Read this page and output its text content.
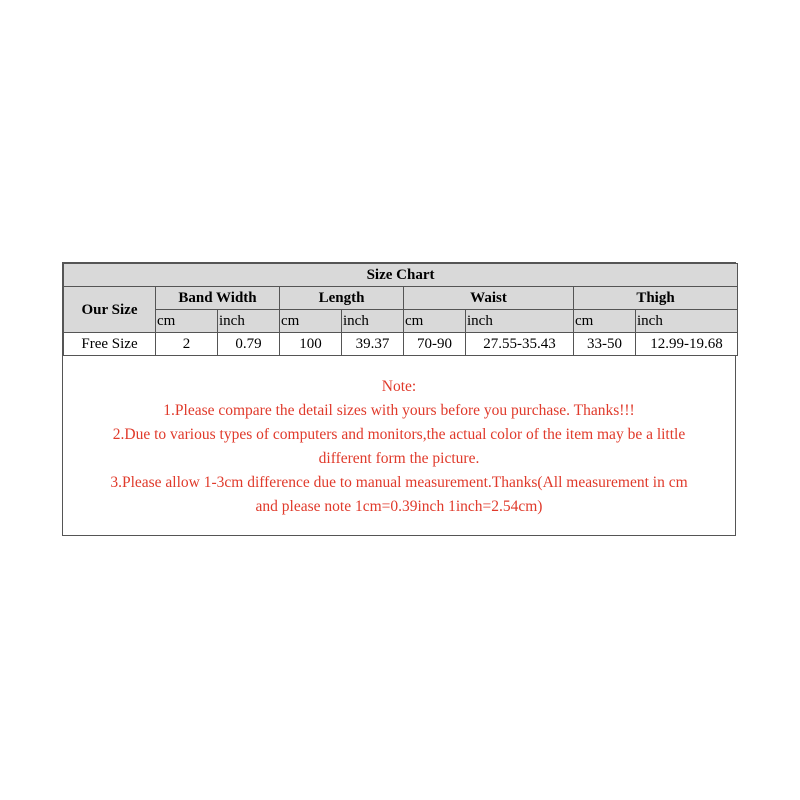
Size Chart								
Our Size	Band Width		Length		Waist		Thigh	
	cm	inch	cm	inch	cm	inch	cm	inch
Free Size	2	0.79	100	39.37	70-90	27.55-35.43	33-50	12.99-19.68
Note:
1.Please compare the detail sizes with yours before you purchase. Thanks!!!
2.Due to various types of computers and monitors,the actual color of the item may be a little
different form the picture.
3.Please allow 1-3cm difference due to manual measurement.Thanks(All measurement in cm
and please note 1cm=0.39inch 1inch=2.54cm)
